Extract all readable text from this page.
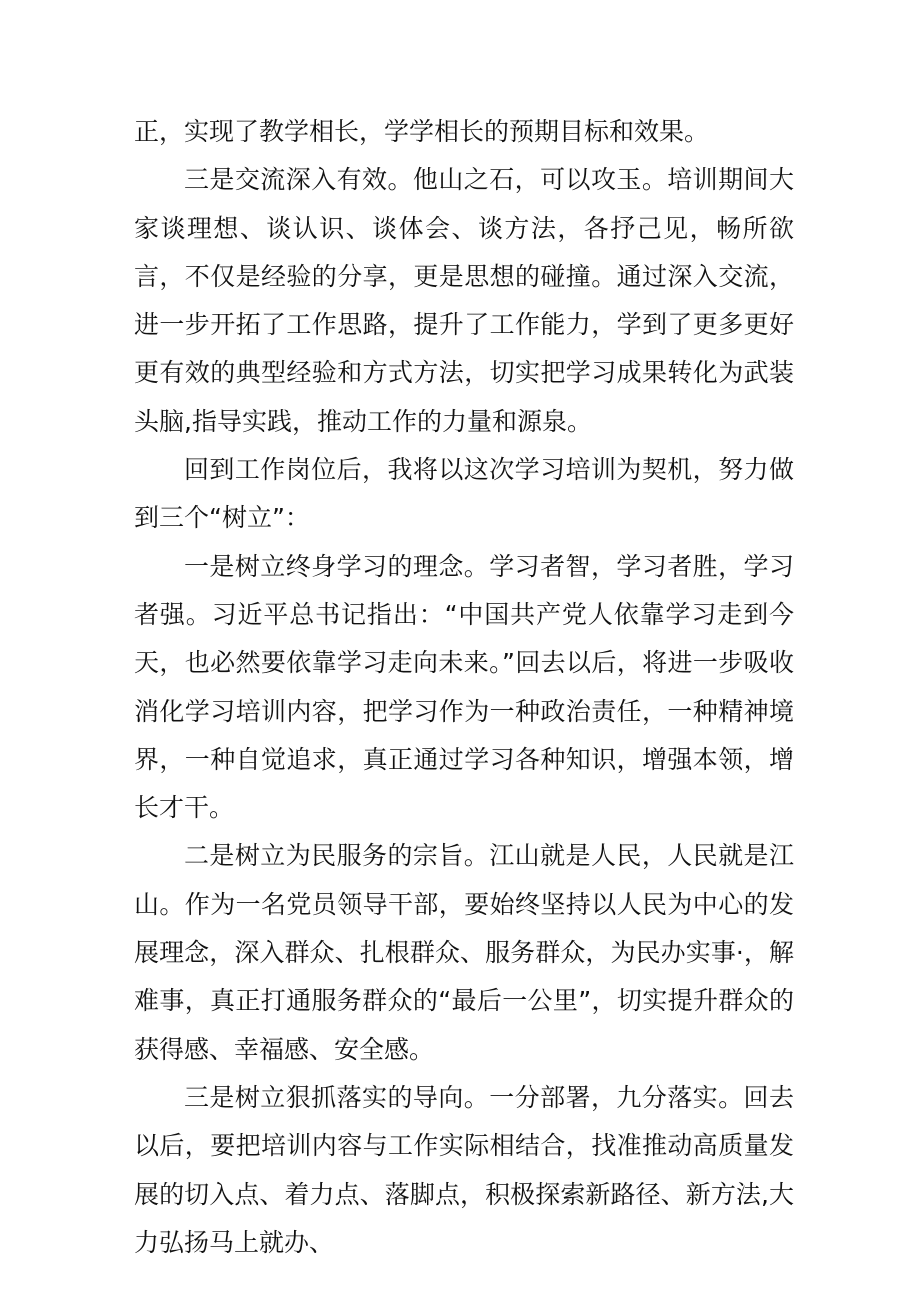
正，实现了教学相长，学学相长的预期目标和效果。

三是交流深入有效。他山之石，可以攻玉。培训期间大家谈理想、谈认识、谈体会、谈方法，各抒己见，畅所欲言，不仅是经验的分享，更是思想的碰撞。通过深入交流，进一步开拓了工作思路，提升了工作能力，学到了更多更好更有效的典型经验和方式方法，切实把学习成果转化为武装头脑,指导实践，推动工作的力量和源泉。

回到工作岗位后，我将以这次学习培训为契机，努力做到三个“树立”：

一是树立终身学习的理念。学习者智，学习者胜，学习者强。习近平总书记指出：“中国共产党人依靠学习走到今天，也必然要依靠学习走向未来。”回去以后，将进一步吸收消化学习培训内容，把学习作为一种政治责任，一种精神境界，一种自觉追求，真正通过学习各种知识，增强本领，增长才干。

二是树立为民服务的宗旨。江山就是人民，人民就是江山。作为一名党员领导干部，要始终坚持以人民为中心的发展理念，深入群众、扎根群众、服务群众，为民办实事·，解难事，真正打通服务群众的“最后一公里”，切实提升群众的获得感、幸福感、安全感。

三是树立狠抓落实的导向。一分部署，九分落实。回去以后，要把培训内容与工作实际相结合，找准推动高质量发展的切入点、着力点、落脚点，积极探索新路径、新方法,大力弘扬马上就办、
